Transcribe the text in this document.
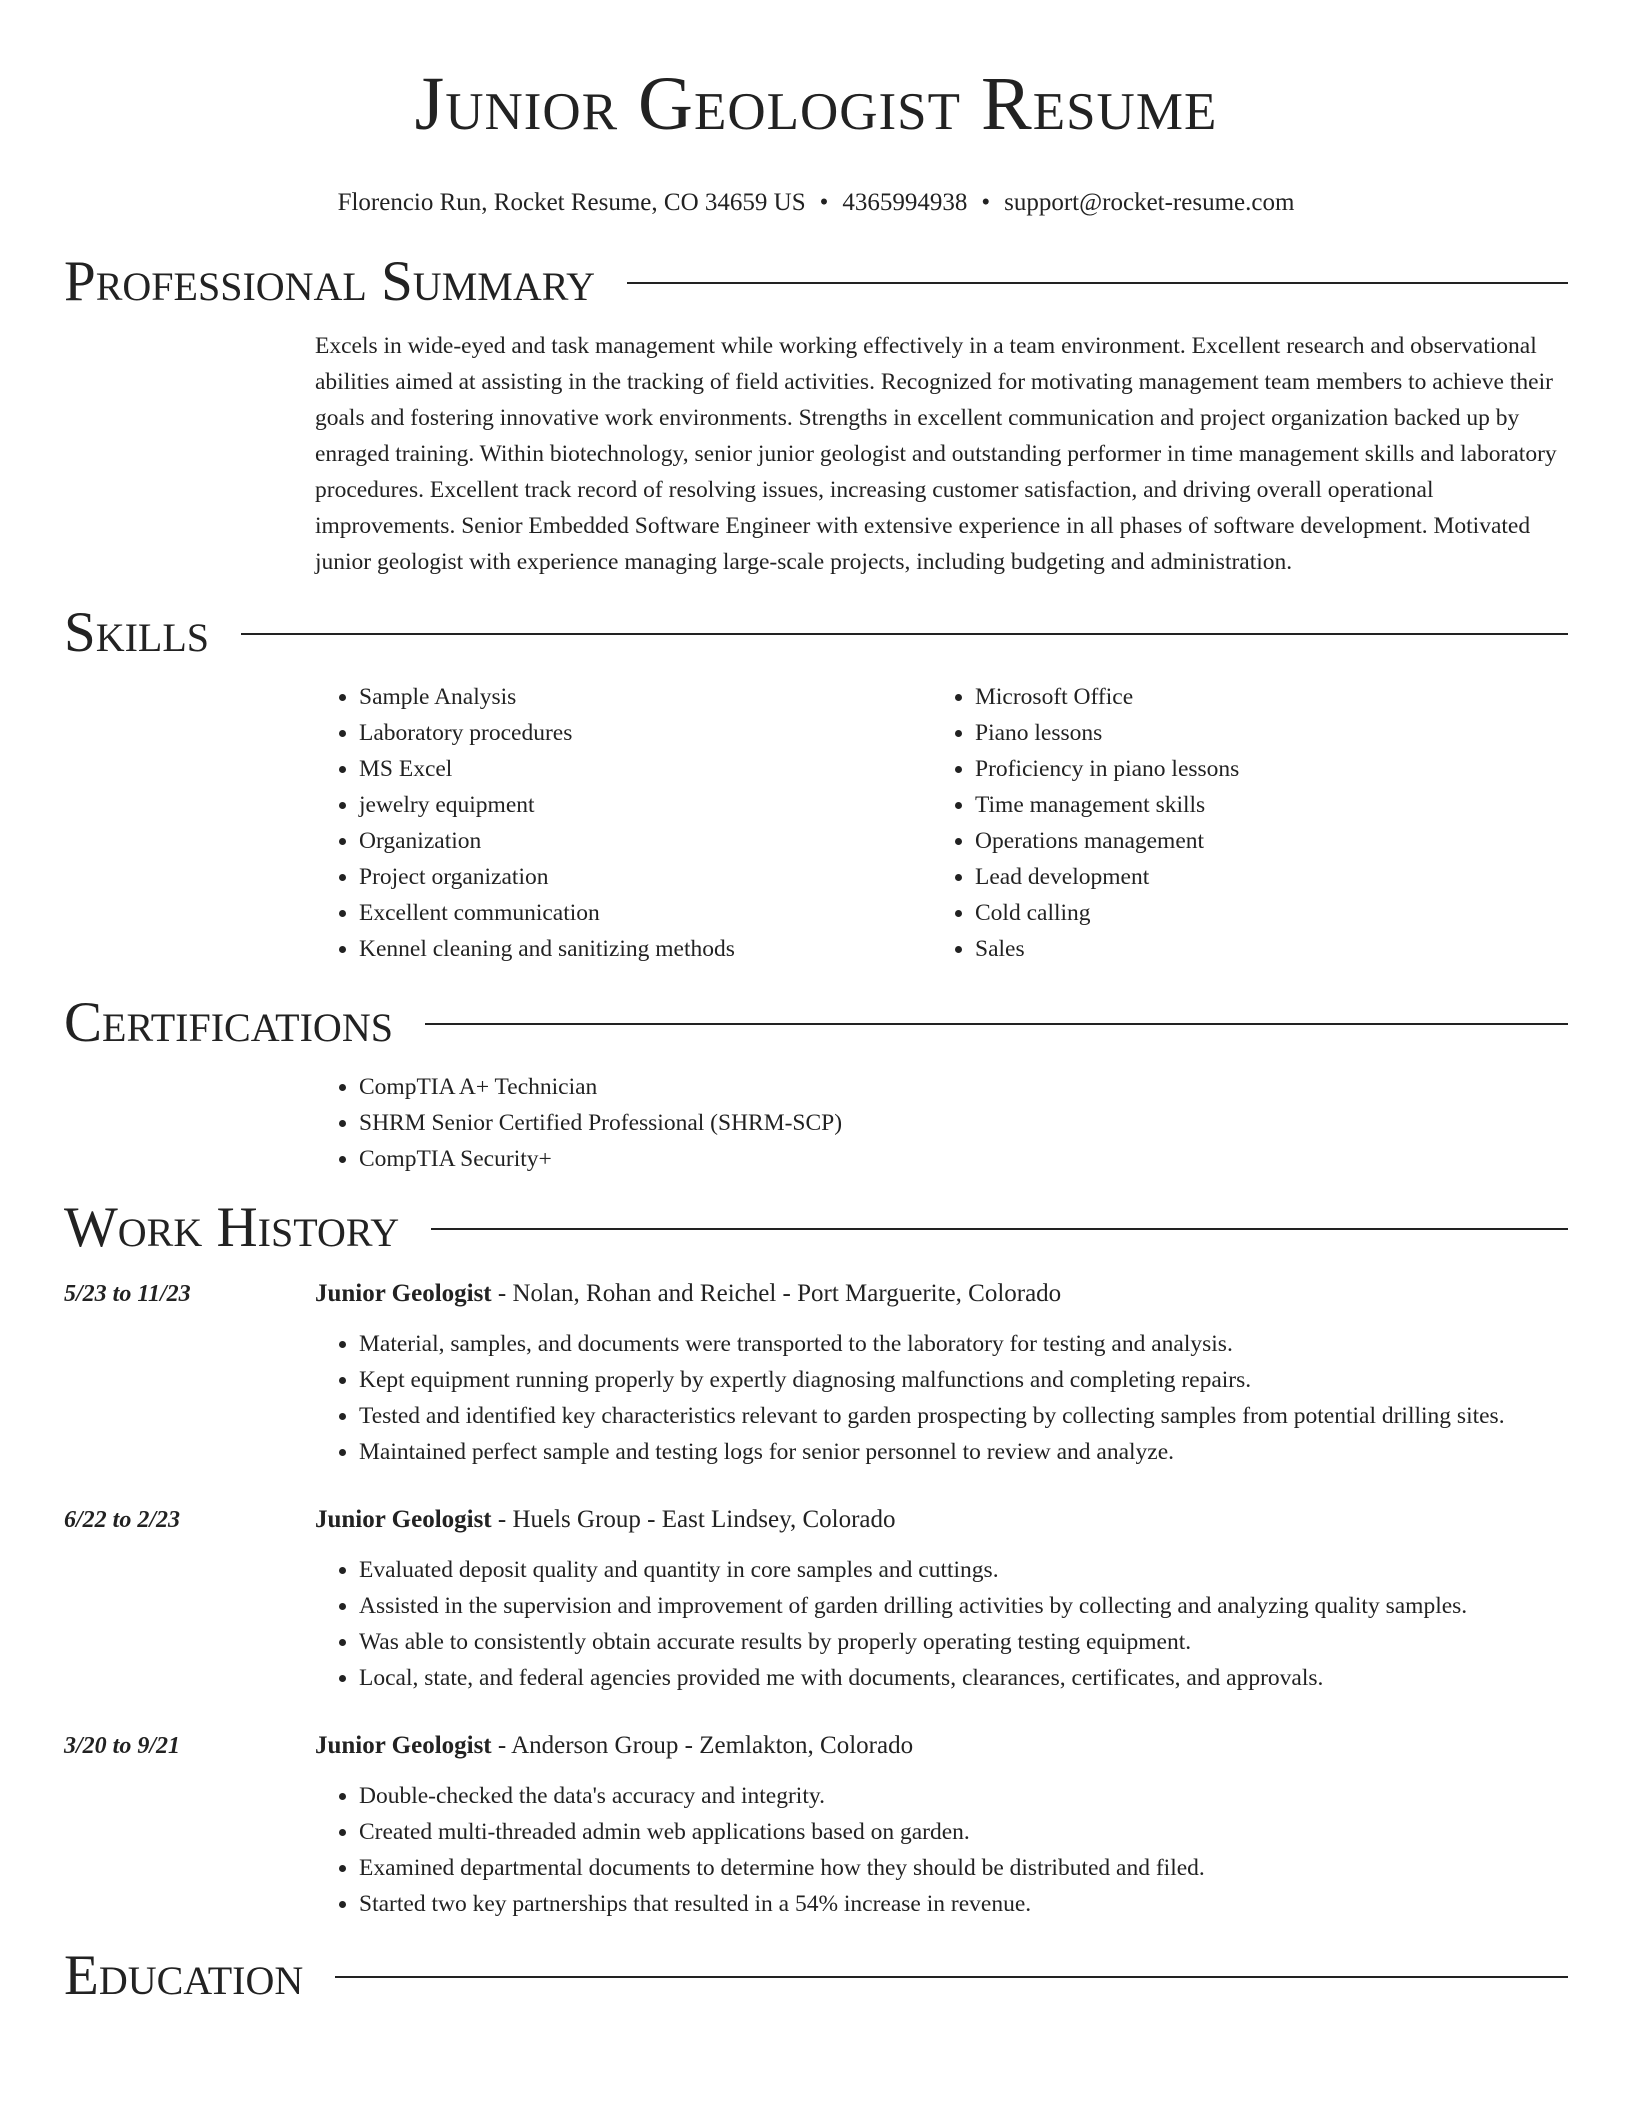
Junior Geologist Resume
Florencio Run, Rocket Resume, CO 34659 US • 4365994938 • support@rocket-resume.com
Professional Summary

Excels in wide-eyed and task management while working effectively in a team environment. Excellent research and observational abilities aimed at assisting in the tracking of field activities. Recognized for motivating management team members to achieve their goals and fostering innovative work environments. Strengths in excellent communication and project organization backed up by enraged training. Within biotechnology, senior junior geologist and outstanding performer in time management skills and laboratory procedures. Excellent track record of resolving issues, increasing customer satisfaction, and driving overall operational improvements. Senior Embedded Software Engineer with extensive experience in all phases of software development. Motivated junior geologist with experience managing large-scale projects, including budgeting and administration.

Skills
• Sample Analysis
• Laboratory procedures
• MS Excel
• jewelry equipment
• Organization
• Project organization
• Excellent communication
• Kennel cleaning and sanitizing methods
• Microsoft Office
• Piano lessons
• Proficiency in piano lessons
• Time management skills
• Operations management
• Lead development
• Cold calling
• Sales
Certifications
• CompTIA A+ Technician
• SHRM Senior Certified Professional (SHRM-SCP)
• CompTIA Security+
Work History
5/23 to 11/23	Junior Geologist - Nolan, Rohan and Reichel - Port Marguerite, Colorado
• Material, samples, and documents were transported to the laboratory for testing and analysis.
• Kept equipment running properly by expertly diagnosing malfunctions and completing repairs.
• Tested and identified key characteristics relevant to garden prospecting by collecting samples from potential drilling sites.
• Maintained perfect sample and testing logs for senior personnel to review and analyze.
6/22 to 2/23	Junior Geologist - Huels Group - East Lindsey, Colorado
• Evaluated deposit quality and quantity in core samples and cuttings.
• Assisted in the supervision and improvement of garden drilling activities by collecting and analyzing quality samples.
• Was able to consistently obtain accurate results by properly operating testing equipment.
• Local, state, and federal agencies provided me with documents, clearances, certificates, and approvals.
3/20 to 9/21	Junior Geologist - Anderson Group - Zemlakton, Colorado
• Double-checked the data's accuracy and integrity.
• Created multi-threaded admin web applications based on garden.
• Examined departmental documents to determine how they should be distributed and filed.
• Started two key partnerships that resulted in a 54% increase in revenue.
Education
